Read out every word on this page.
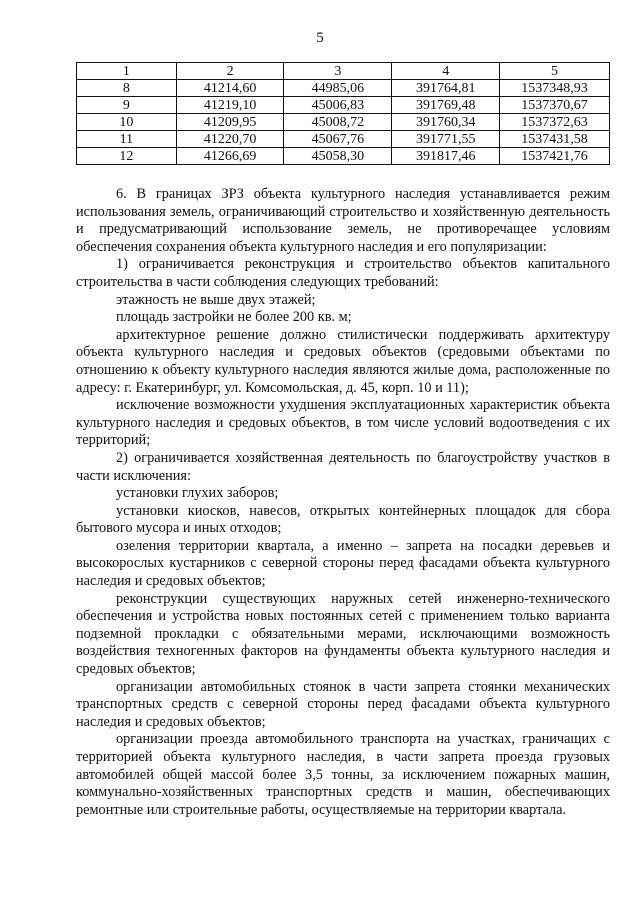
5
1	2	3	4	5
8	41214,60	44985,06	391764,81	1537348,93
9	41219,10	45006,83	391769,48	1537370,67
10	41209,95	45008,72	391760,34	1537372,63
11	41220,70	45067,76	391771,55	1537431,58
12	41266,69	45058,30	391817,46	1537421,76

6. В границах ЗРЗ объекта культурного наследия устанавливается режим использования земель, ограничивающий строительство и хозяйственную деятельность и предусматривающий использование земель, не противоречащее условиям обеспечения сохранения объекта культурного наследия и его популяризации:

1) ограничивается реконструкция и строительство объектов капитального строительства в части соблюдения следующих требований:

этажность не выше двух этажей;

площадь застройки не более 200 кв. м;

архитектурное решение должно стилистически поддерживать архитектуру объекта культурного наследия и средовых объектов (средовыми объектами по отношению к объекту культурного наследия являются жилые дома, расположенные по адресу: г. Екатеринбург, ул. Комсомольская, д. 45, корп. 10 и 11);

исключение возможности ухудшения эксплуатационных характеристик объекта культурного наследия и средовых объектов, в том числе условий водоотведения с их территорий;

2) ограничивается хозяйственная деятельность по благоустройству участков в части исключения:

установки глухих заборов;

установки киосков, навесов, открытых контейнерных площадок для сбора бытового мусора и иных отходов;

озеления территории квартала, а именно – запрета на посадки деревьев и высокорослых кустарников с северной стороны перед фасадами объекта культурного наследия и средовых объектов;

реконструкции существующих наружных сетей инженерно-технического обеспечения и устройства новых постоянных сетей с применением только варианта подземной прокладки с обязательными мерами, исключающими возможность воздействия техногенных факторов на фундаменты объекта культурного наследия и средовых объектов;

организации автомобильных стоянок в части запрета стоянки механических транспортных средств с северной стороны перед фасадами объекта культурного наследия и средовых объектов;

организации проезда автомобильного транспорта на участках, граничащих с территорией объекта культурного наследия, в части запрета проезда грузовых автомобилей общей массой более 3,5 тонны, за исключением пожарных машин, коммунально-хозяйственных транспортных средств и машин, обеспечивающих ремонтные или строительные работы, осуществляемые на территории квартала.
